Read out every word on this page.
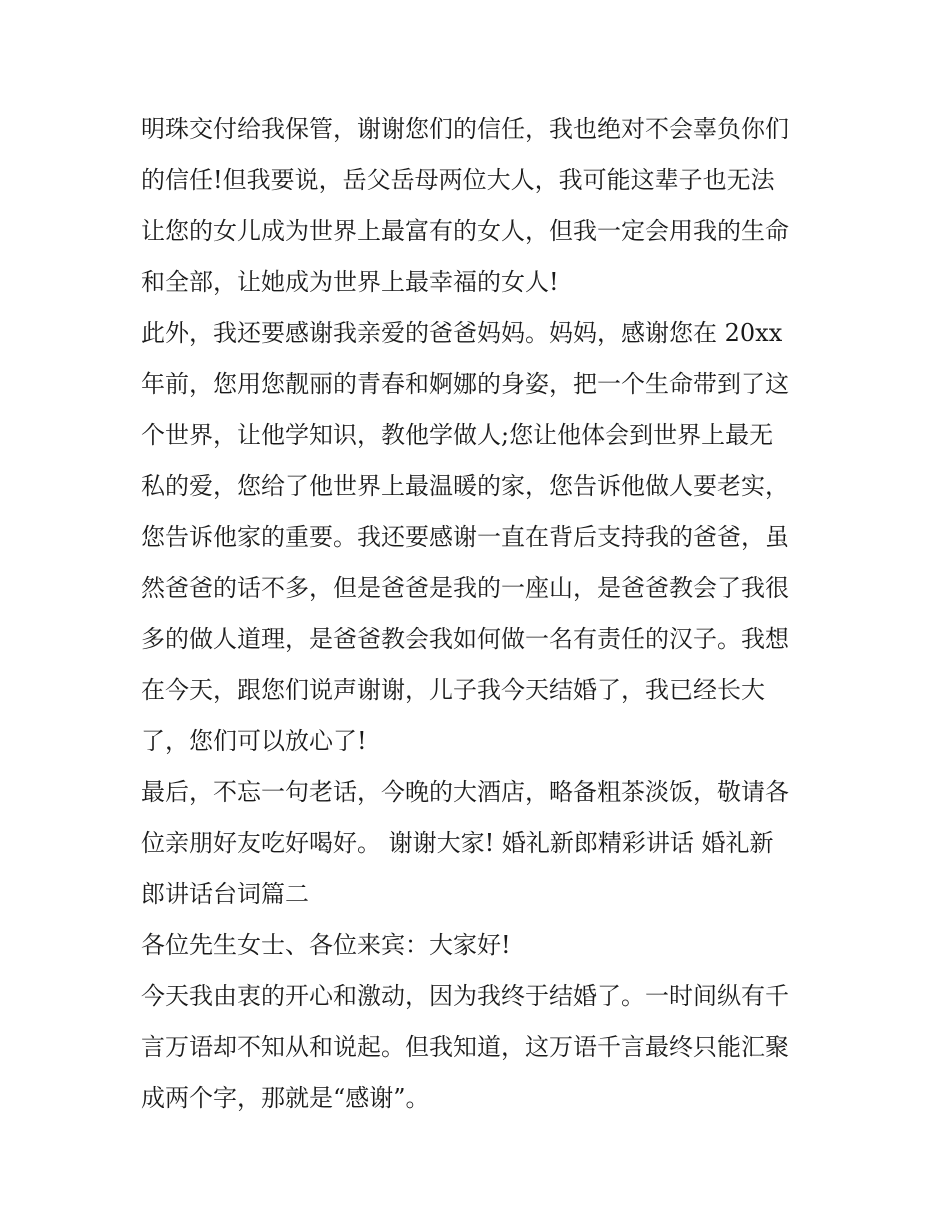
明珠交付给我保管，谢谢您们的信任，我也绝对不会辜负你们
的信任!但我要说，岳父岳母两位大人，我可能这辈子也无法
让您的女儿成为世界上最富有的女人，但我一定会用我的生命
和全部，让她成为世界上最幸福的女人!
此外，我还要感谢我亲爱的爸爸妈妈。妈妈，感谢您在 20xx
年前，您用您靓丽的青春和婀娜的身姿，把一个生命带到了这
个世界，让他学知识，教他学做人;您让他体会到世界上最无
私的爱，您给了他世界上最温暖的家，您告诉他做人要老实，
您告诉他家的重要。我还要感谢一直在背后支持我的爸爸，虽
然爸爸的话不多，但是爸爸是我的一座山，是爸爸教会了我很
多的做人道理，是爸爸教会我如何做一名有责任的汉子。我想
在今天，跟您们说声谢谢，儿子我今天结婚了，我已经长大
了，您们可以放心了!
最后，不忘一句老话，今晚的大酒店，略备粗茶淡饭，敬请各
位亲朋好友吃好喝好。 谢谢大家! 婚礼新郎精彩讲话 婚礼新
郎讲话台词篇二
各位先生女士、各位来宾：大家好!
今天我由衷的开心和激动，因为我终于结婚了。一时间纵有千
言万语却不知从和说起。但我知道，这万语千言最终只能汇聚
成两个字，那就是“感谢”。
